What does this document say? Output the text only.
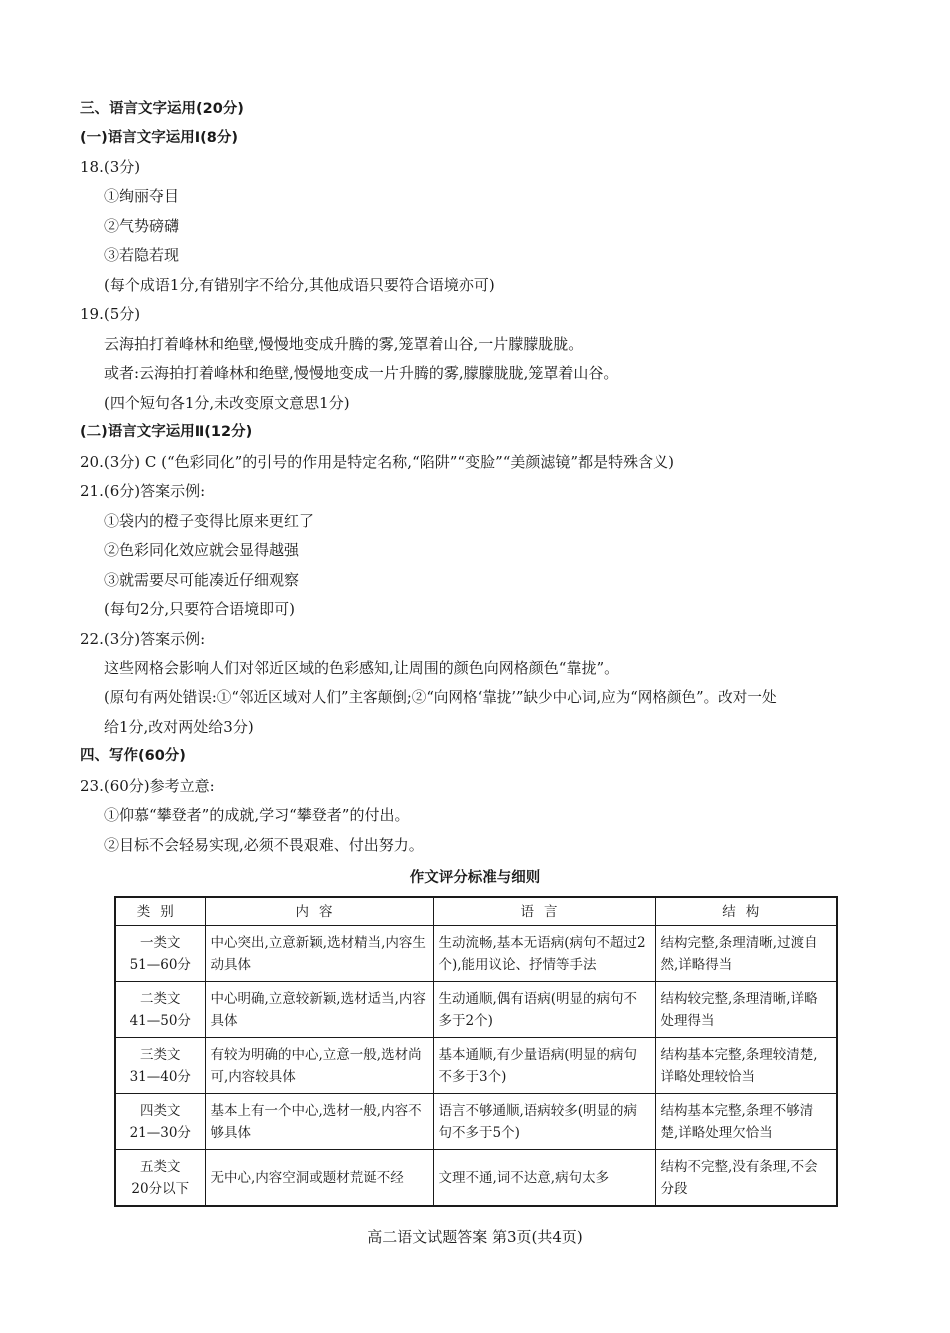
三、语言文字运用(20分)
(一)语言文字运用Ⅰ(8分)
18.(3分)
①绚丽夺目
②气势磅礴
③若隐若现
(每个成语1分,有错别字不给分,其他成语只要符合语境亦可)
19.(5分)
云海拍打着峰林和绝壁,慢慢地变成升腾的雾,笼罩着山谷,一片朦朦胧胧。
或者:云海拍打着峰林和绝壁,慢慢地变成一片升腾的雾,朦朦胧胧,笼罩着山谷。
(四个短句各1分,未改变原文意思1分)
(二)语言文字运用Ⅱ(12分)
20.(3分) C (“色彩同化”的引号的作用是特定名称,“陷阱”“变脸”“美颜滤镜”都是特殊含义)
21.(6分)答案示例:
①袋内的橙子变得比原来更红了
②色彩同化效应就会显得越强
③就需要尽可能凑近仔细观察
(每句2分,只要符合语境即可)
22.(3分)答案示例:
这些网格会影响人们对邻近区域的色彩感知,让周围的颜色向网格颜色“靠拢”。
(原句有两处错误:①“邻近区域对人们”主客颠倒;②“向网格‘靠拢’”缺少中心词,应为“网格颜色”。改对一处
给1分,改对两处给3分)
四、写作(60分)
23.(60分)参考立意:
①仰慕“攀登者”的成就,学习“攀登者”的付出。
②目标不会轻易实现,必须不畏艰难、付出努力。
作文评分标准与细则
类别	内容	语言	结构

一类文
51—60分	中心突出,立意新颖,选材精当,内容生动具体	生动流畅,基本无语病(病句不超过2个),能用议论、抒情等手法	结构完整,条理清晰,过渡自然,详略得当

二类文
41—50分	中心明确,立意较新颖,选材适当,内容具体	生动通顺,偶有语病(明显的病句不多于2个)	结构较完整,条理清晰,详略处理得当

三类文
31—40分	有较为明确的中心,立意一般,选材尚可,内容较具体	基本通顺,有少量语病(明显的病句不多于3个)	结构基本完整,条理较清楚,详略处理较恰当

四类文
21—30分	基本上有一个中心,选材一般,内容不够具体	语言不够通顺,语病较多(明显的病句不多于5个)	结构基本完整,条理不够清楚,详略处理欠恰当

五类文
20分以下	无中心,内容空洞或题材荒诞不经	文理不通,词不达意,病句太多	结构不完整,没有条理,不会分段
高二语文试题答案 第3页(共4页)
